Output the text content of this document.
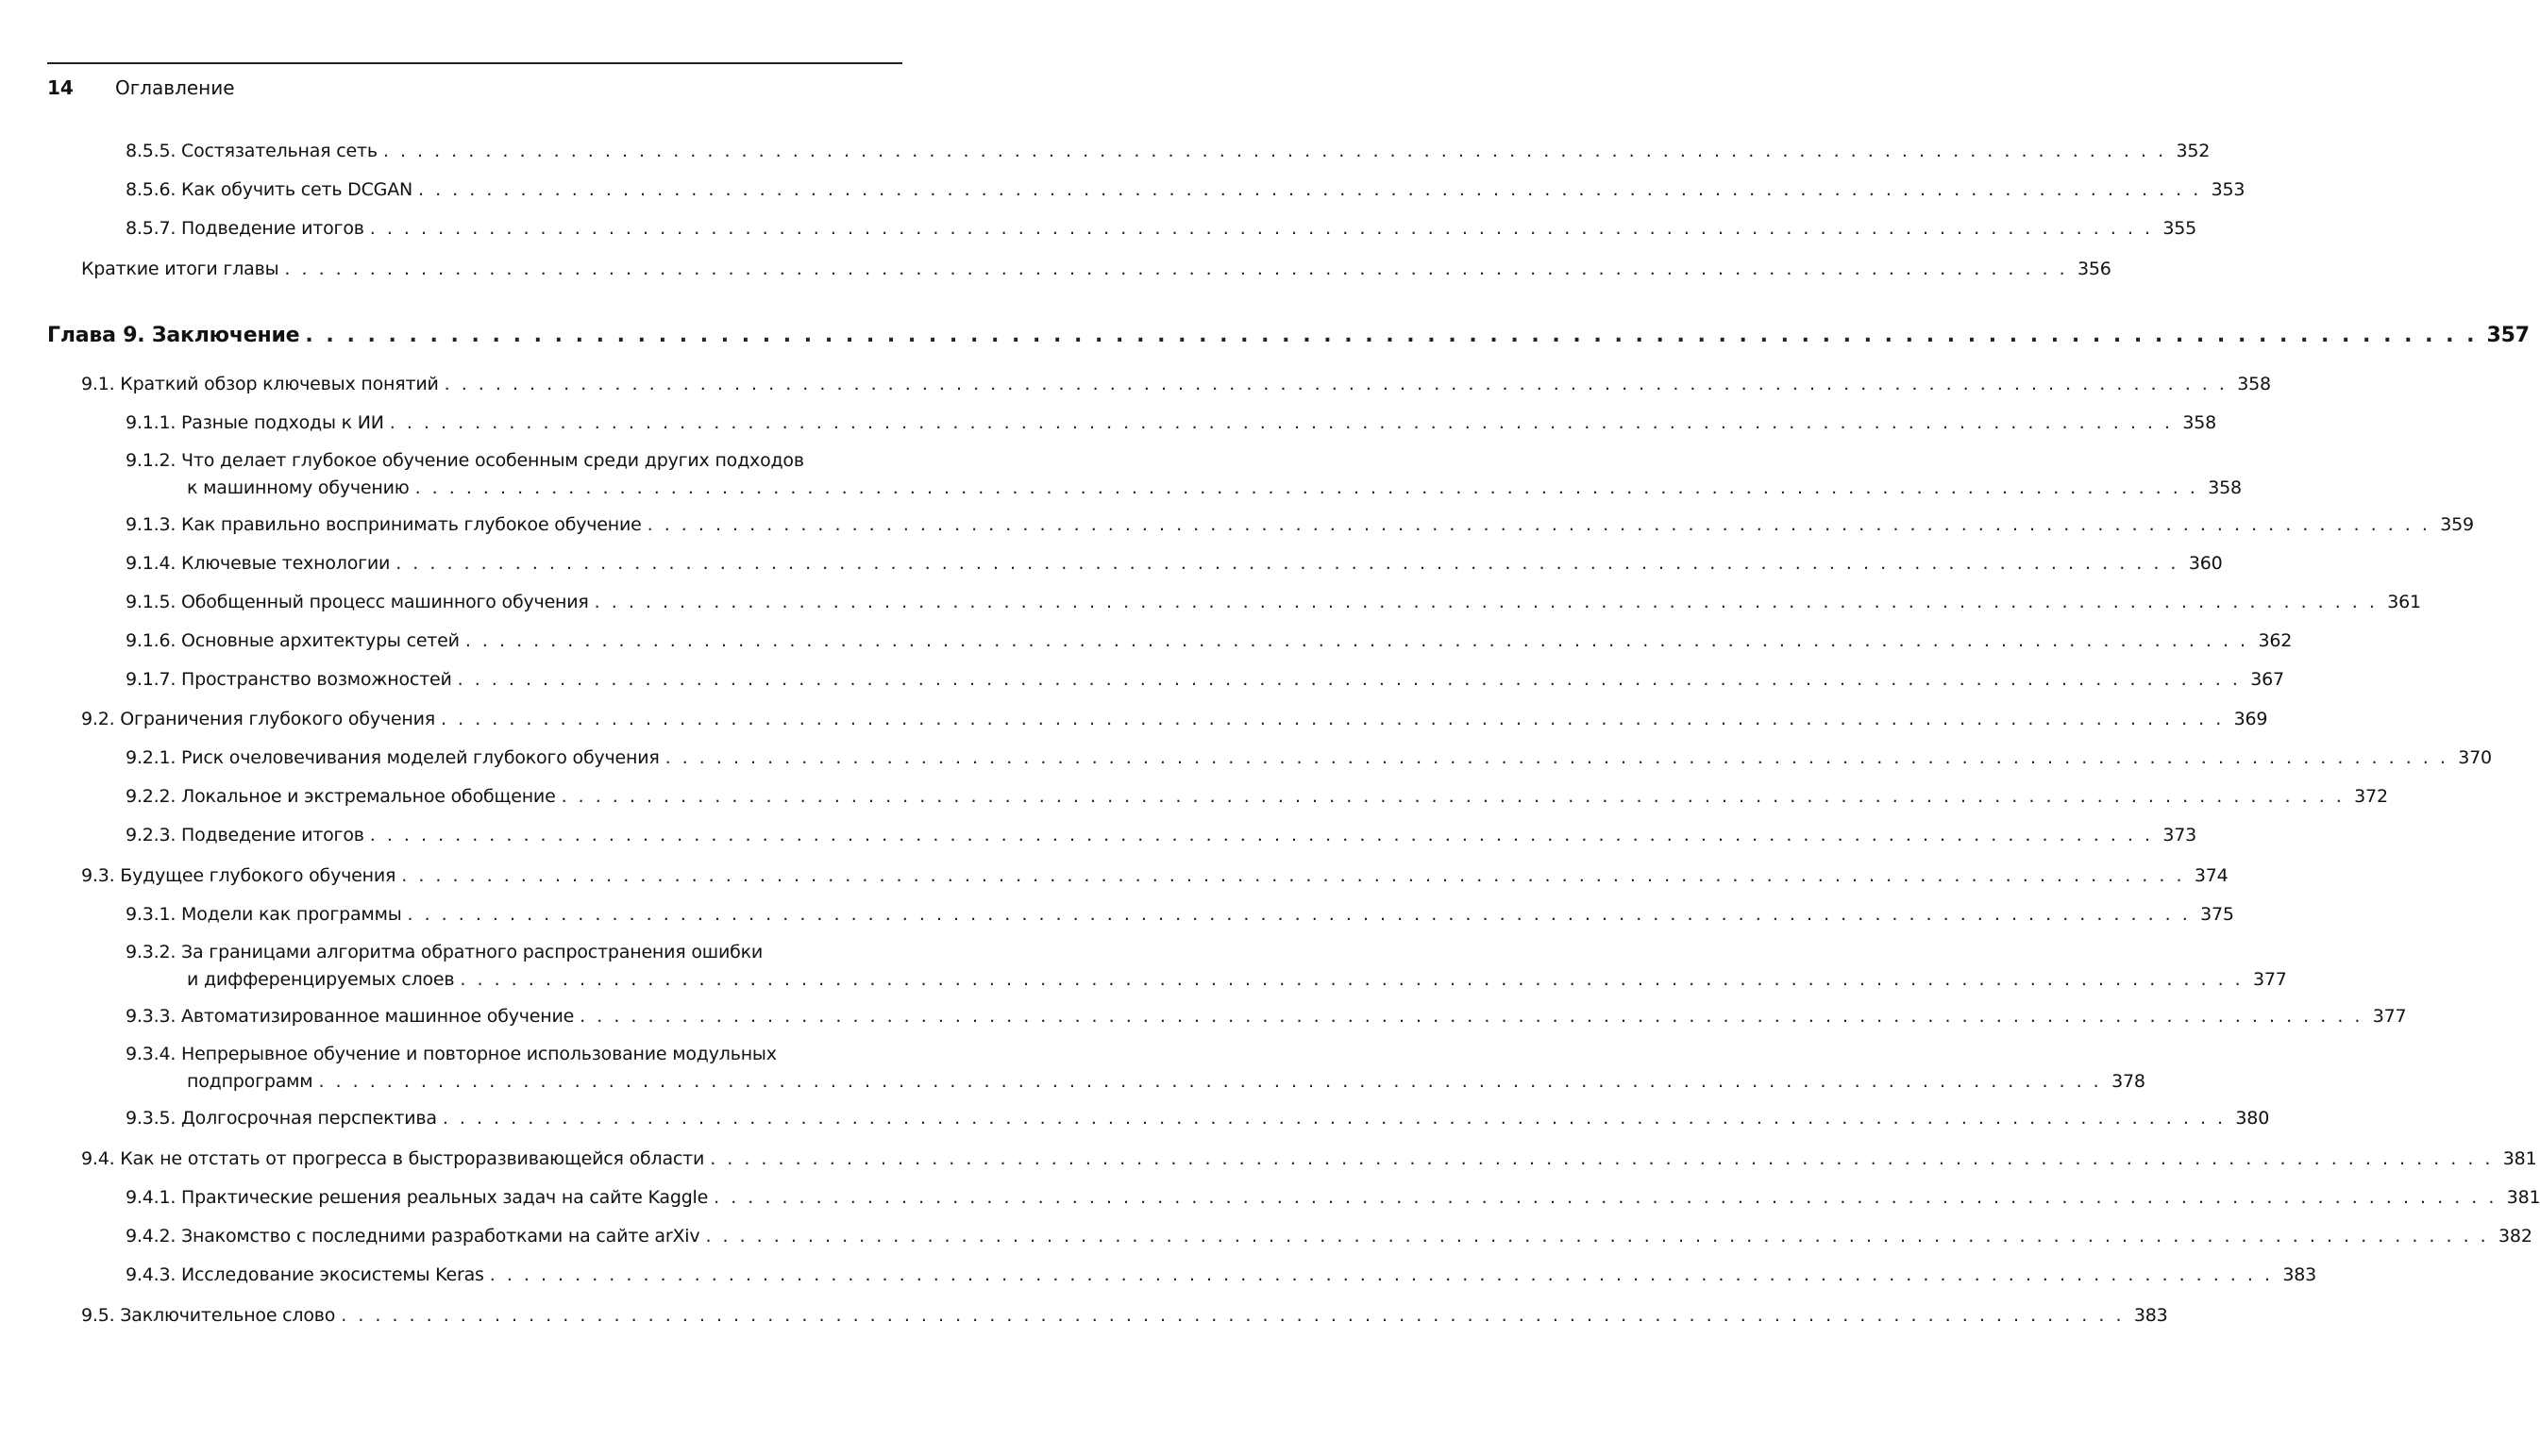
14	Оглавление
8.5.5. Состязательная сеть . . . . . . . . . . . . . . . . . . . . . . . . . . . . . . . . . . . . . . . . . . . . . . . . . . . . . . . . . . . . . . . . . . . . . . . . . . . . . . . . . . . . . . . . . . . . . . . . . . . . . . . . . 352
8.5.6. Как обучить сеть DCGAN . . . . . . . . . . . . . . . . . . . . . . . . . . . . . . . . . . . . . . . . . . . . . . . . . . . . . . . . . . . . . . . . . . . . . . . . . . . . . . . . . . . . . . . . . . . . . . . . . . . . . . . . . 353
8.5.7. Подведение итогов . . . . . . . . . . . . . . . . . . . . . . . . . . . . . . . . . . . . . . . . . . . . . . . . . . . . . . . . . . . . . . . . . . . . . . . . . . . . . . . . . . . . . . . . . . . . . . . . . . . . . . . . . 355
Краткие итоги главы . . . . . . . . . . . . . . . . . . . . . . . . . . . . . . . . . . . . . . . . . . . . . . . . . . . . . . . . . . . . . . . . . . . . . . . . . . . . . . . . . . . . . . . . . . . . . . . . . . . . . . . . . 356
Глава 9. Заключение . . . . . . . . . . . . . . . . . . . . . . . . . . . . . . . . . . . . . . . . . . . . . . . . . . . . . . . . . . . . . . . . . . . . . . . . . . . . . . . . . . . . . . . . . . . . . . . . . . . . . . . . . 357
9.1. Краткий обзор ключевых понятий . . . . . . . . . . . . . . . . . . . . . . . . . . . . . . . . . . . . . . . . . . . . . . . . . . . . . . . . . . . . . . . . . . . . . . . . . . . . . . . . . . . . . . . . . . . . . . . . . . . . . . . . . 358
9.1.1. Разные подходы к ИИ . . . . . . . . . . . . . . . . . . . . . . . . . . . . . . . . . . . . . . . . . . . . . . . . . . . . . . . . . . . . . . . . . . . . . . . . . . . . . . . . . . . . . . . . . . . . . . . . . . . . . . . . . 358
9.1.2. Что делает глубокое обучение особенным среди других подходов
к машинному обучению . . . . . . . . . . . . . . . . . . . . . . . . . . . . . . . . . . . . . . . . . . . . . . . . . . . . . . . . . . . . . . . . . . . . . . . . . . . . . . . . . . . . . . . . . . . . . . . . . . . . . . . . . 358
9.1.3. Как правильно воспринимать глубокое обучение . . . . . . . . . . . . . . . . . . . . . . . . . . . . . . . . . . . . . . . . . . . . . . . . . . . . . . . . . . . . . . . . . . . . . . . . . . . . . . . . . . . . . . . . . . . . . . . . . . . . . . . . . 359
9.1.4. Ключевые технологии . . . . . . . . . . . . . . . . . . . . . . . . . . . . . . . . . . . . . . . . . . . . . . . . . . . . . . . . . . . . . . . . . . . . . . . . . . . . . . . . . . . . . . . . . . . . . . . . . . . . . . . . . 360
9.1.5. Обобщенный процесс машинного обучения . . . . . . . . . . . . . . . . . . . . . . . . . . . . . . . . . . . . . . . . . . . . . . . . . . . . . . . . . . . . . . . . . . . . . . . . . . . . . . . . . . . . . . . . . . . . . . . . . . . . . . . . . 361
9.1.6. Основные архитектуры сетей . . . . . . . . . . . . . . . . . . . . . . . . . . . . . . . . . . . . . . . . . . . . . . . . . . . . . . . . . . . . . . . . . . . . . . . . . . . . . . . . . . . . . . . . . . . . . . . . . . . . . . . . . 362
9.1.7. Пространство возможностей . . . . . . . . . . . . . . . . . . . . . . . . . . . . . . . . . . . . . . . . . . . . . . . . . . . . . . . . . . . . . . . . . . . . . . . . . . . . . . . . . . . . . . . . . . . . . . . . . . . . . . . . . 367
9.2. Ограничения глубокого обучения . . . . . . . . . . . . . . . . . . . . . . . . . . . . . . . . . . . . . . . . . . . . . . . . . . . . . . . . . . . . . . . . . . . . . . . . . . . . . . . . . . . . . . . . . . . . . . . . . . . . . . . . . 369
9.2.1. Риск очеловечивания моделей глубокого обучения . . . . . . . . . . . . . . . . . . . . . . . . . . . . . . . . . . . . . . . . . . . . . . . . . . . . . . . . . . . . . . . . . . . . . . . . . . . . . . . . . . . . . . . . . . . . . . . . . . . . . . . . . 370
9.2.2. Локальное и экстремальное обобщение . . . . . . . . . . . . . . . . . . . . . . . . . . . . . . . . . . . . . . . . . . . . . . . . . . . . . . . . . . . . . . . . . . . . . . . . . . . . . . . . . . . . . . . . . . . . . . . . . . . . . . . . . 372
9.2.3. Подведение итогов . . . . . . . . . . . . . . . . . . . . . . . . . . . . . . . . . . . . . . . . . . . . . . . . . . . . . . . . . . . . . . . . . . . . . . . . . . . . . . . . . . . . . . . . . . . . . . . . . . . . . . . . . 373
9.3. Будущее глубокого обучения . . . . . . . . . . . . . . . . . . . . . . . . . . . . . . . . . . . . . . . . . . . . . . . . . . . . . . . . . . . . . . . . . . . . . . . . . . . . . . . . . . . . . . . . . . . . . . . . . . . . . . . . . 374
9.3.1. Модели как программы . . . . . . . . . . . . . . . . . . . . . . . . . . . . . . . . . . . . . . . . . . . . . . . . . . . . . . . . . . . . . . . . . . . . . . . . . . . . . . . . . . . . . . . . . . . . . . . . . . . . . . . . . 375
9.3.2. За границами алгоритма обратного распространения ошибки
и дифференцируемых слоев . . . . . . . . . . . . . . . . . . . . . . . . . . . . . . . . . . . . . . . . . . . . . . . . . . . . . . . . . . . . . . . . . . . . . . . . . . . . . . . . . . . . . . . . . . . . . . . . . . . . . . . . . 377
9.3.3. Автоматизированное машинное обучение . . . . . . . . . . . . . . . . . . . . . . . . . . . . . . . . . . . . . . . . . . . . . . . . . . . . . . . . . . . . . . . . . . . . . . . . . . . . . . . . . . . . . . . . . . . . . . . . . . . . . . . . . 377
9.3.4. Непрерывное обучение и повторное использование модульных
подпрограмм . . . . . . . . . . . . . . . . . . . . . . . . . . . . . . . . . . . . . . . . . . . . . . . . . . . . . . . . . . . . . . . . . . . . . . . . . . . . . . . . . . . . . . . . . . . . . . . . . . . . . . . . . 378
9.3.5. Долгосрочная перспектива . . . . . . . . . . . . . . . . . . . . . . . . . . . . . . . . . . . . . . . . . . . . . . . . . . . . . . . . . . . . . . . . . . . . . . . . . . . . . . . . . . . . . . . . . . . . . . . . . . . . . . . . . 380
9.4. Как не отстать от прогресса в быстроразвивающейся области . . . . . . . . . . . . . . . . . . . . . . . . . . . . . . . . . . . . . . . . . . . . . . . . . . . . . . . . . . . . . . . . . . . . . . . . . . . . . . . . . . . . . . . . . . . . . . . . . . . . . . . . . 381
9.4.1. Практические решения реальных задач на сайте Kaggle . . . . . . . . . . . . . . . . . . . . . . . . . . . . . . . . . . . . . . . . . . . . . . . . . . . . . . . . . . . . . . . . . . . . . . . . . . . . . . . . . . . . . . . . . . . . . . . . . . . . . . . . . 381
9.4.2. Знакомство с последними разработками на сайте arXiv . . . . . . . . . . . . . . . . . . . . . . . . . . . . . . . . . . . . . . . . . . . . . . . . . . . . . . . . . . . . . . . . . . . . . . . . . . . . . . . . . . . . . . . . . . . . . . . . . . . . . . . . . 382
9.4.3. Исследование экосистемы Keras . . . . . . . . . . . . . . . . . . . . . . . . . . . . . . . . . . . . . . . . . . . . . . . . . . . . . . . . . . . . . . . . . . . . . . . . . . . . . . . . . . . . . . . . . . . . . . . . . . . . . . . . . 383
9.5. Заключительное слово . . . . . . . . . . . . . . . . . . . . . . . . . . . . . . . . . . . . . . . . . . . . . . . . . . . . . . . . . . . . . . . . . . . . . . . . . . . . . . . . . . . . . . . . . . . . . . . . . . . . . . . . . 383
